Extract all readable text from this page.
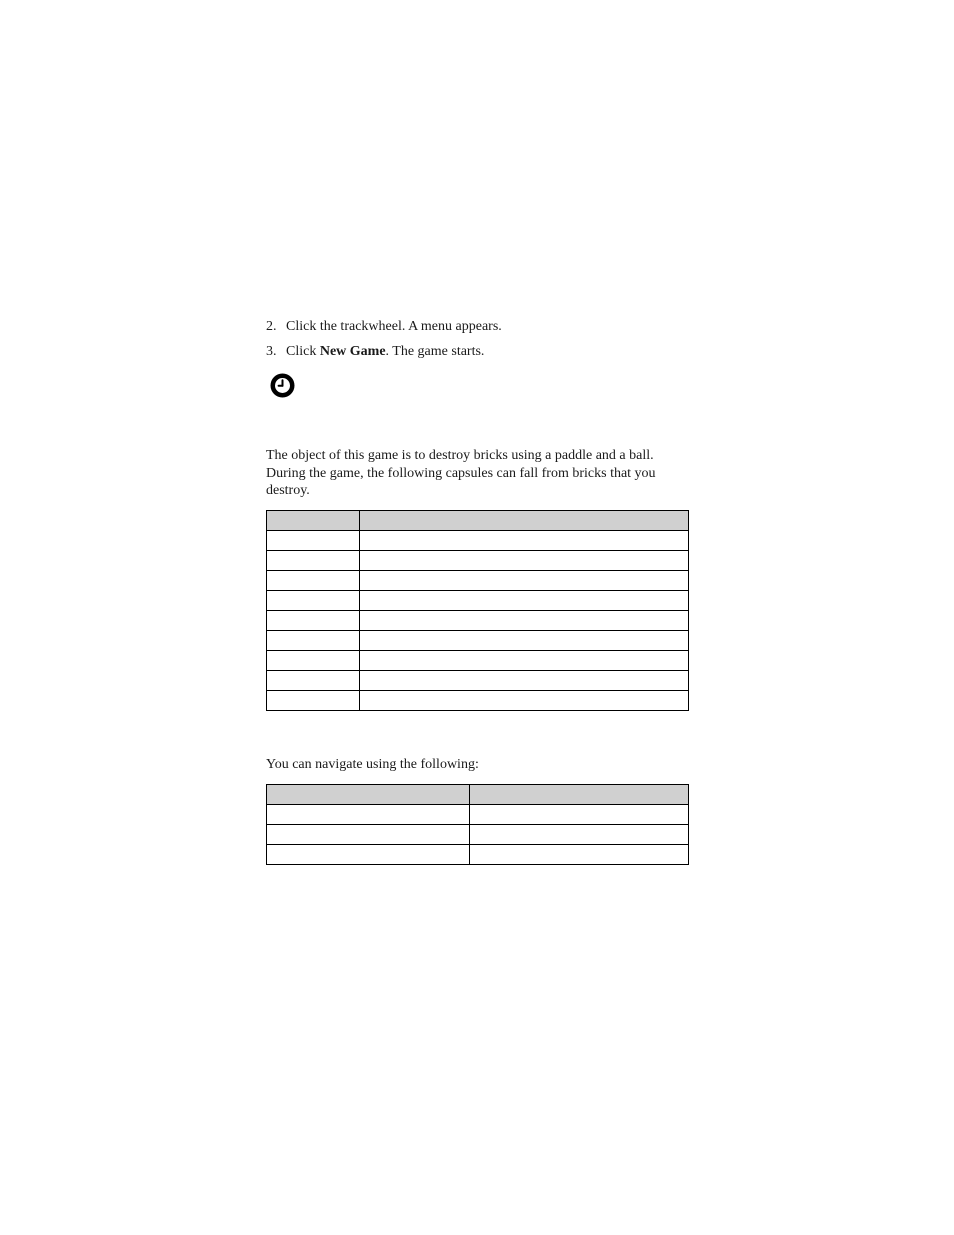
2. Click the trackwheel. A menu appears.
3. Click New Game. The game starts.
The object of this game is to destroy bricks using a paddle and a ball. During the game, the following capsules can fall from bricks that you destroy.

You can navigate using the following:
